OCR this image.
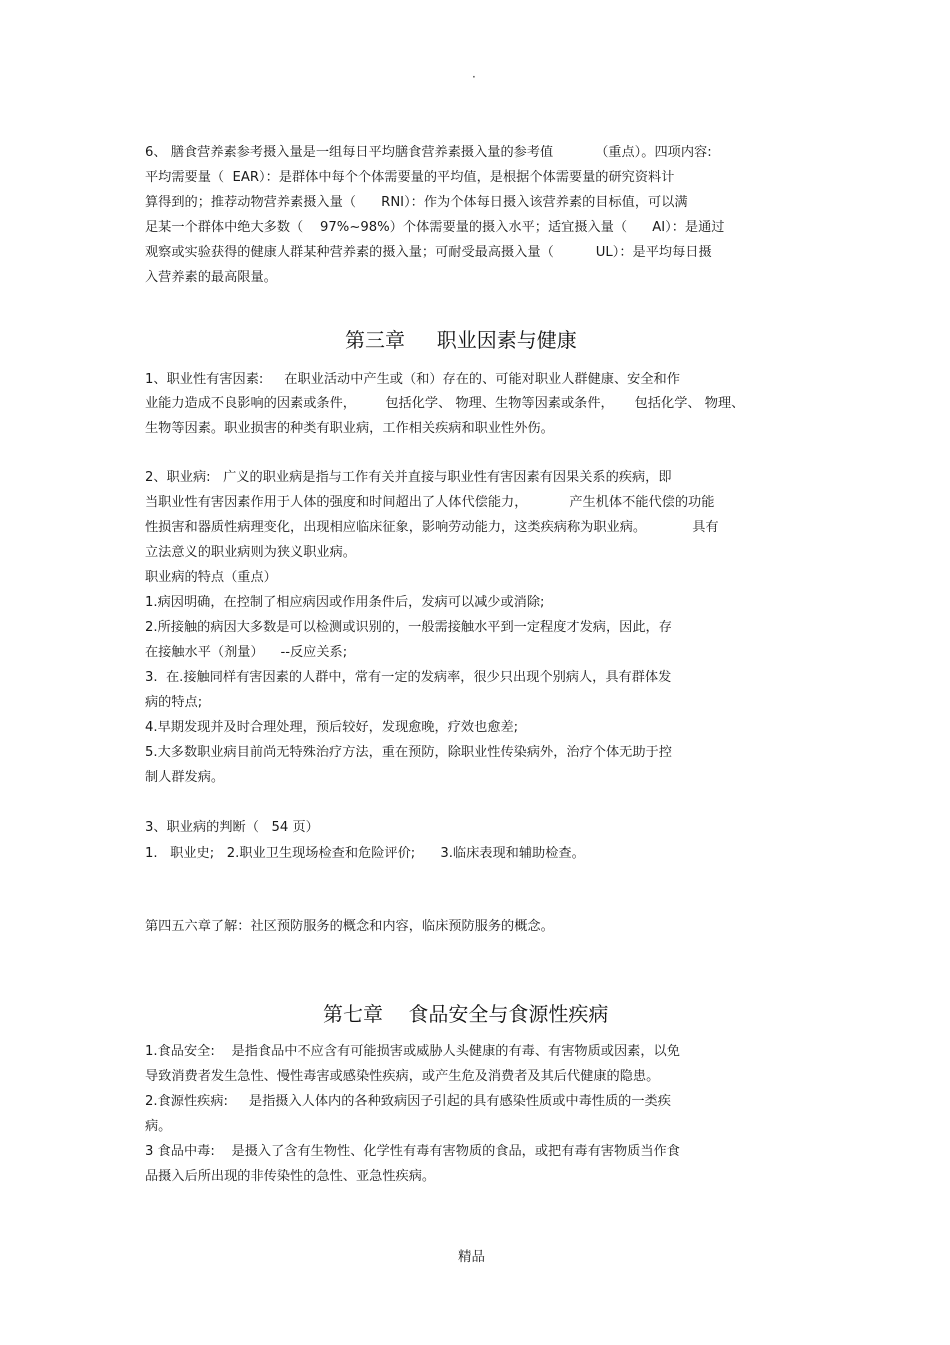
·

6、 膳食营养素参考摄入量是一组每日平均膳食营养素摄入量的参考值          （重点）。四项内容:

平均需要量（  EAR）：是群体中每个个体需要量的平均值，是根据个体需要量的研究资料计

算得到的；推荐动物营养素摄入量（      RNI）：作为个体每日摄入该营养素的目标值，可以满

足某一个群体中绝大多数（    97%~98%）个体需要量的摄入水平；适宜摄入量（      AI）：是通过

观察或实验获得的健康人群某种营养素的摄入量；可耐受最高摄入量（          UL）：是平均每日摄

入营养素的最高限量。

第三章     职业因素与健康

1、职业性有害因素:     在职业活动中产生或（和）存在的、可能对职业人群健康、安全和作

业能力造成不良影响的因素或条件，       包括化学、 物理、生物等因素或条件，     包括化学、 物理、

生物等因素。职业损害的种类有职业病，工作相关疾病和职业性外伤。

2、职业病:   广义的职业病是指与工作有关并直接与职业性有害因素有因果关系的疾病，即

当职业性有害因素作用于人体的强度和时间超出了人体代偿能力，          产生机体不能代偿的功能

性损害和器质性病理变化，出现相应临床征象，影响劳动能力，这类疾病称为职业病。           具有

立法意义的职业病则为狭义职业病。

职业病的特点（重点）

1.病因明确，在控制了相应病因或作用条件后，发病可以减少或消除;

2.所接触的病因大多数是可以检测或识别的，一般需接触水平到一定程度才发病，因此，存

在接触水平（剂量）    --反应关系;

3.  在.接触同样有害因素的人群中，常有一定的发病率，很少只出现个别病人，具有群体发

病的特点;

4.早期发现并及时合理处理，预后较好，发现愈晚，疗效也愈差;

5.大多数职业病目前尚无特殊治疗方法，重在预防，除职业性传染病外，治疗个体无助于控

制人群发病。

3、职业病的判断（   54 页）

1.   职业史;   2.职业卫生现场检查和危险评价;      3.临床表现和辅助检查。

第四五六章了解：社区预防服务的概念和内容，临床预防服务的概念。

第七章    食品安全与食源性疾病

1.食品安全:    是指食品中不应含有可能损害或威胁人头健康的有毒、有害物质或因素，以免

导致消费者发生急性、慢性毒害或感染性疾病，或产生危及消费者及其后代健康的隐患。

2.食源性疾病:     是指摄入人体内的各种致病因子引起的具有感染性质或中毒性质的一类疾

病。

3 食品中毒:    是摄入了含有生物性、化学性有毒有害物质的食品，或把有毒有害物质当作食

品摄入后所出现的非传染性的急性、亚急性疾病。

精品
